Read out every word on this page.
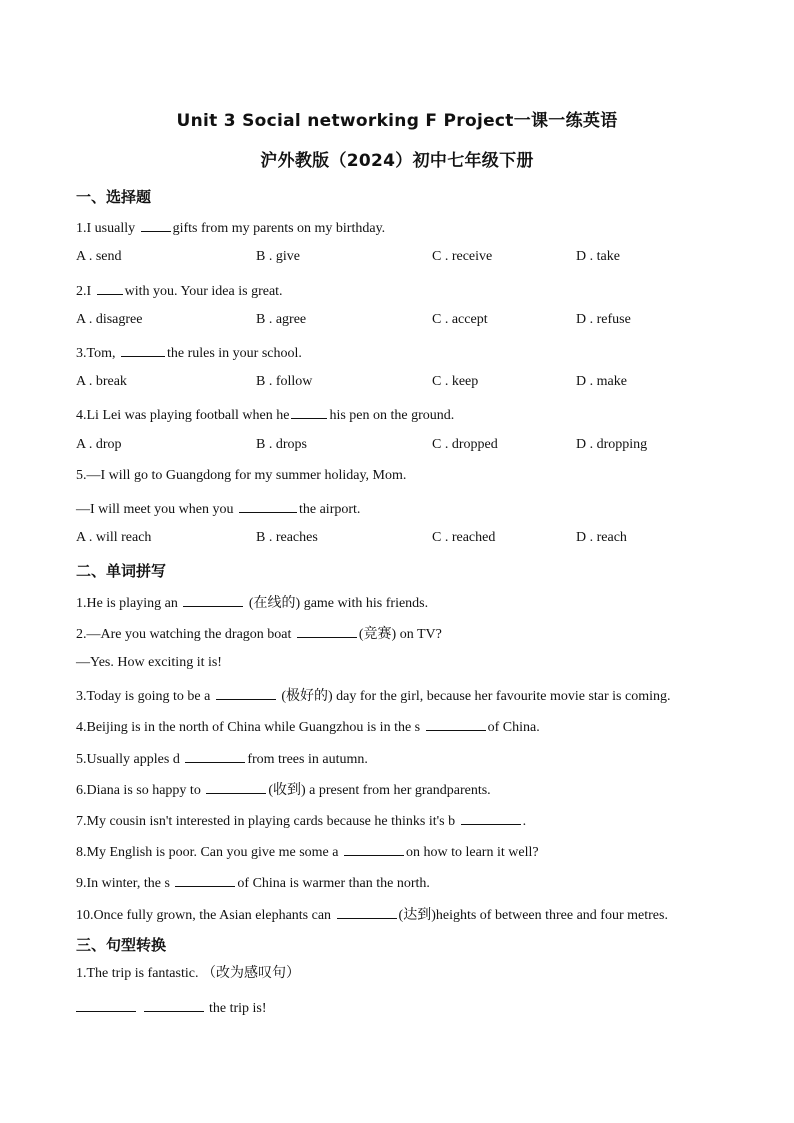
Unit 3 Social networking F Project一课一练英语
沪外教版（2024）初中七年级下册
一、选择题
1.I usually gifts from my parents on my birthday.
A . send	B . give	C . receive	D . take
2.I with you. Your idea is great.
A . disagree	B . agree	C . accept	D . refuse
3.Tom,	the rules in your school.
A . break	B . follow	C . keep	D . make
4.Li Lei was playing football when he	his pen on the ground.
A . drop	B . drops	C . dropped	D . dropping
5.—I will go to Guangdong for my summer holiday, Mom.
—I will meet you when you	the airport.
A . will reach	B . reaches	C . reached	D . reach
二、单词拼写
1.He is playing an	(在线的) game with his friends.
2.—Are you watching the dragon boat	(竞赛) on TV?
—Yes. How exciting it is!
3.Today is going to be a	(极好的) day for the girl, because her favourite movie star is coming.
4.Beijing is in the north of China while Guangzhou is in the s	of China.
5.Usually apples d	from trees in autumn.
6.Diana is so happy to	(收到) a present from her grandparents.
7.My cousin isn't interested in playing cards because he thinks it's b	.
8.My English is poor. Can you give me some a	on how to learn it well?
9.In winter, the s	of China is warmer than the north.
10.Once fully grown, the Asian elephants can	(达到)heights of between three and four metres.
三、句型转换
1.The trip is fantastic. （改为感叹句）
the trip is!
